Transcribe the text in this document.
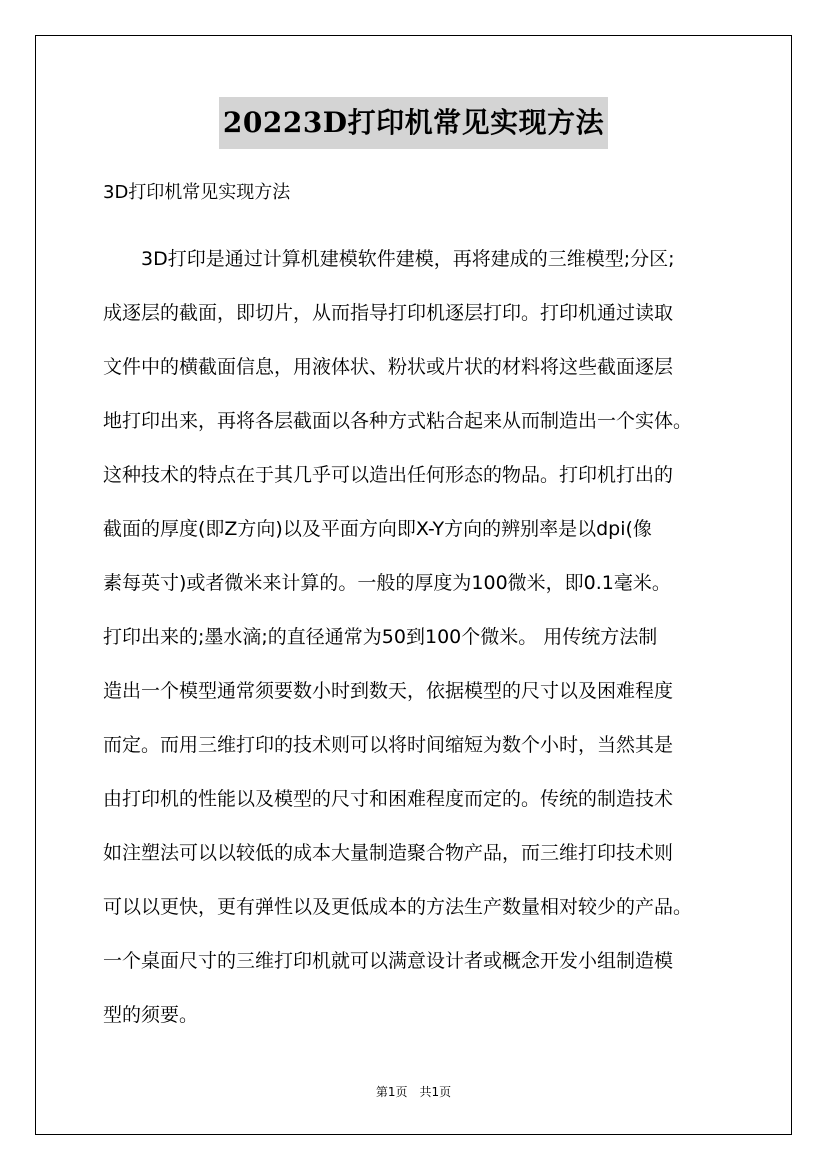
20223D打印机常见实现方法
3D打印机常见实现方法
3D打印是通过计算机建模软件建模，再将建成的三维模型;分区;
成逐层的截面，即切片，从而指导打印机逐层打印。打印机通过读取
文件中的横截面信息，用液体状、粉状或片状的材料将这些截面逐层
地打印出来，再将各层截面以各种方式粘合起来从而制造出一个实体。
这种技术的特点在于其几乎可以造出任何形态的物品。打印机打出的
截面的厚度(即Z方向)以及平面方向即X-Y方向的辨别率是以dpi(像
素每英寸)或者微米来计算的。一般的厚度为100微米，即0.1毫米。
打印出来的;墨水滴;的直径通常为50到100个微米。 用传统方法制
造出一个模型通常须要数小时到数天，依据模型的尺寸以及困难程度
而定。而用三维打印的技术则可以将时间缩短为数个小时，当然其是
由打印机的性能以及模型的尺寸和困难程度而定的。传统的制造技术
如注塑法可以以较低的成本大量制造聚合物产品，而三维打印技术则
可以以更快，更有弹性以及更低成本的方法生产数量相对较少的产品。
一个桌面尺寸的三维打印机就可以满意设计者或概念开发小组制造模
型的须要。
第1页 共1页
